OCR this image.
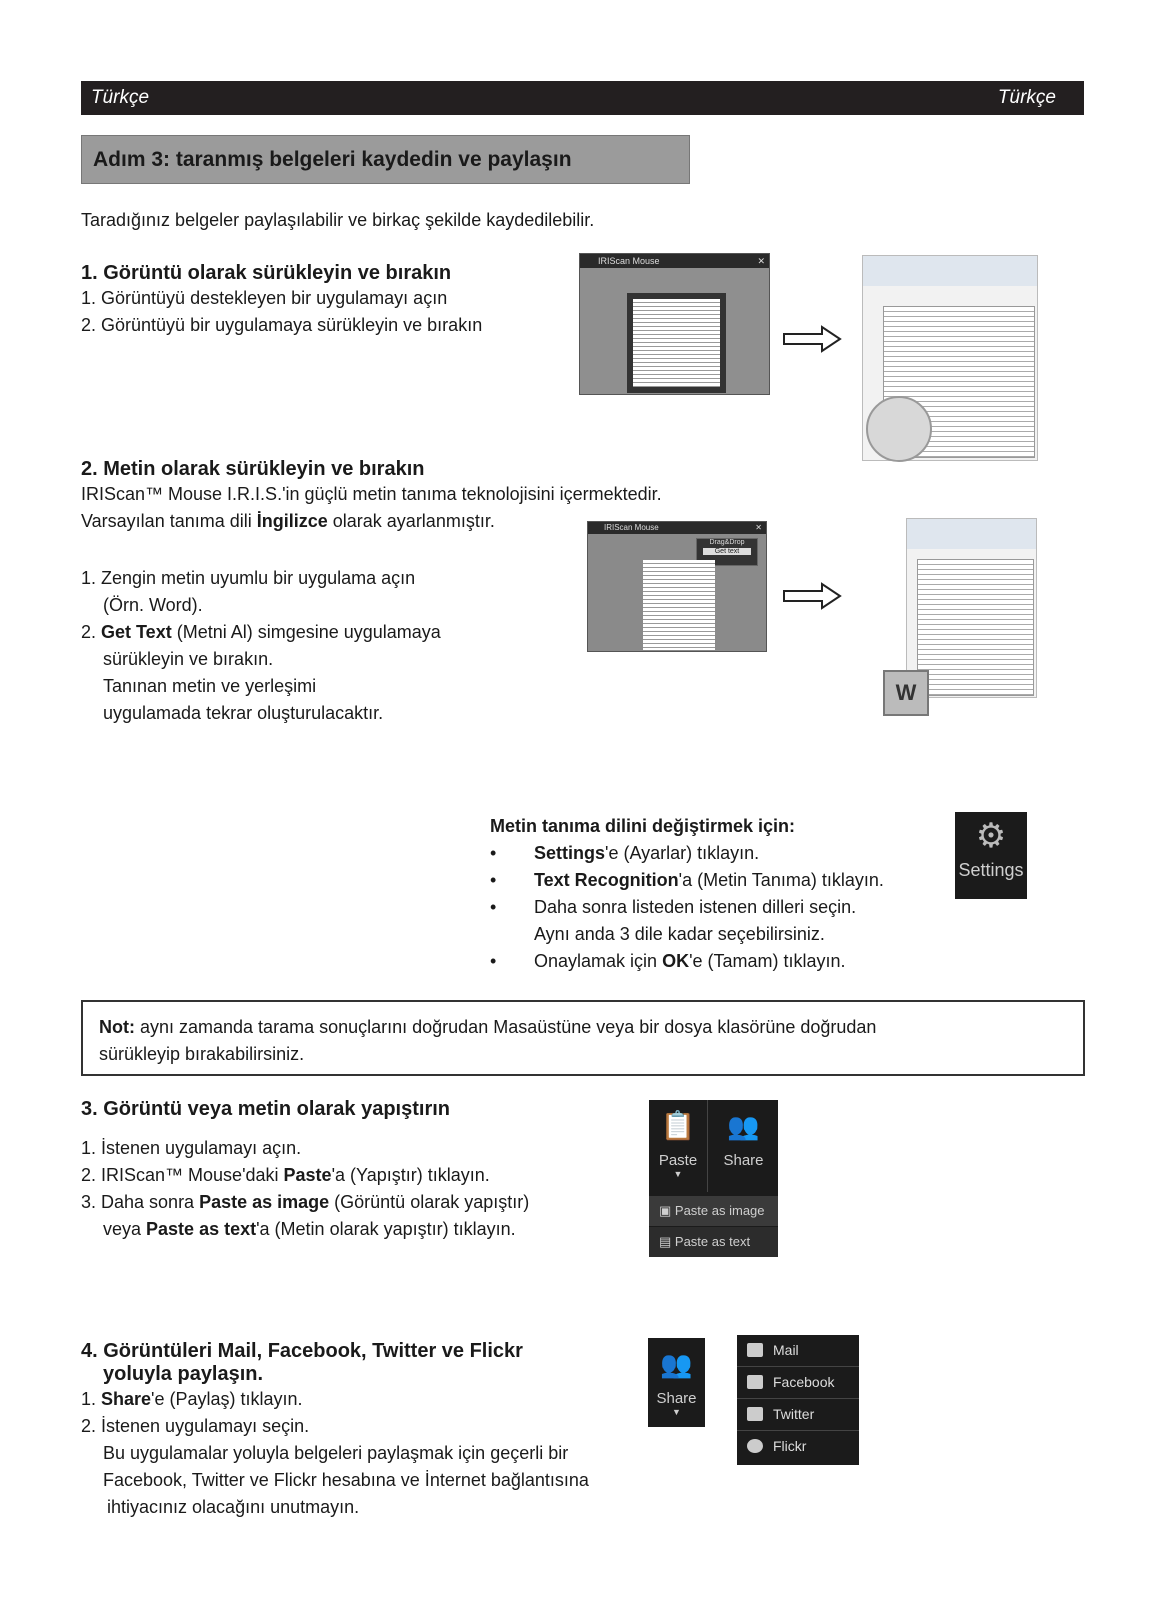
Türkçe	Türkçe
Adım 3: taranmış belgeleri kaydedin ve paylaşın
Taradığınız belgeler paylaşılabilir ve birkaç şekilde kaydedilebilir.
1. Görüntü olarak sürükleyin ve bırakın
1. Görüntüyü destekleyen bir uygulamayı açın
2. Görüntüyü bir uygulamaya sürükleyin ve bırakın
IRIScan Mouse	✕
2. Metin olarak sürükleyin ve bırakın
IRIScan™ Mouse I.R.I.S.'in güçlü metin tanıma teknolojisini içermektedir.
Varsayılan tanıma dili İngilizce olarak ayarlanmıştır.
1. Zengin metin uyumlu bir uygulama açın
(Örn. Word).
2. Get Text (Metni Al) simgesine uygulamaya
sürükleyin ve bırakın.
Tanınan metin ve yerleşimi
uygulamada tekrar oluşturulacaktır.
IRIScan Mouse	✕
Drag&Drop
Get text
W
Metin tanıma dilini değiştirmek için:
• Settings'e (Ayarlar) tıklayın.
• Text Recognition'a (Metin Tanıma) tıklayın.
• Daha sonra listeden istenen dilleri seçin.
Aynı anda 3 dile kadar seçebilirsiniz.
• Onaylamak için OK'e (Tamam) tıklayın.
⚙
Settings
Not: aynı zamanda tarama sonuçlarını doğrudan Masaüstüne veya bir dosya klasörüne doğrudan
sürükleyip bırakabilirsiniz.
3. Görüntü veya metin olarak yapıştırın
1. İstenen uygulamayı açın.
2. IRIScan™ Mouse'daki Paste'a (Yapıştır) tıklayın.
3. Daha sonra Paste as image (Görüntü olarak yapıştır)
veya Paste as text'a (Metin olarak yapıştır) tıklayın.
📋
Paste
▼
👥
Share
▣ Paste as image
▤ Paste as text
4. Görüntüleri Mail, Facebook, Twitter ve Flickr
yoluyla paylaşın.
1. Share'e (Paylaş) tıklayın.
2. İstenen uygulamayı seçin.
Bu uygulamalar yoluyla belgeleri paylaşmak için geçerli bir
Facebook, Twitter ve Flickr hesabına ve İnternet bağlantısına
ihtiyacınız olacağını unutmayın.
👥
Share
▼
Mail
Facebook
Twitter
Flickr
